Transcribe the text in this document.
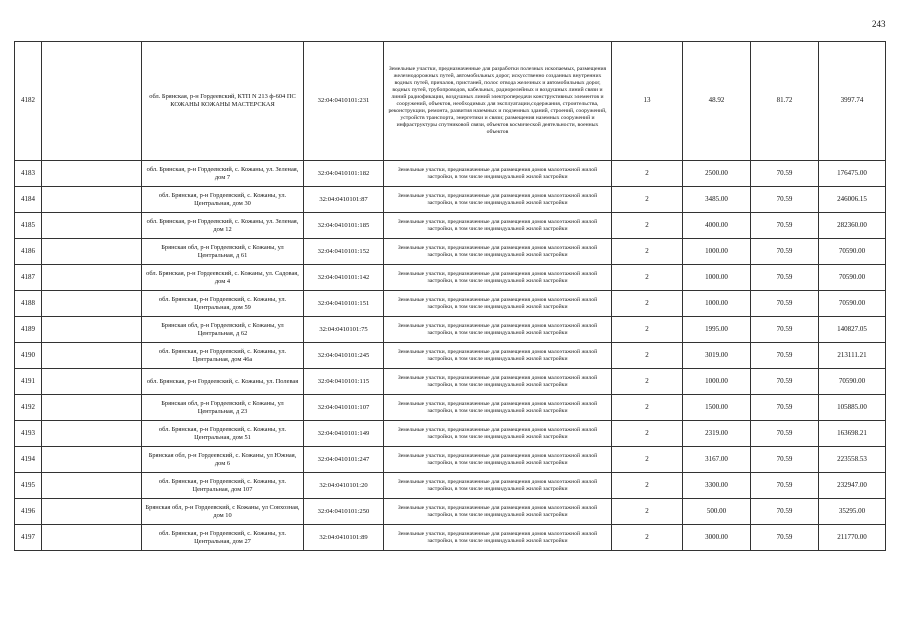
243
4182		обл. Брянская, р-н Гордеевский, КТП N 213 ф-604 ПС КОЖАНЫ КОЖАНЫ МАСТЕРСКАЯ	32:04:0410101:231	Земельные участки, предназначенные для разработки полезных ископаемых, размещения железнодорожных путей, автомобильных дорог, искусственно созданных внутренних водных путей, причалов, пристаней, полос отвода железных и автомобильных дорог, водных путей, трубопроводов, кабельных, радиорелейных и воздушных линий связи и линий радиофикации, воздушных линий электропередачи конструктивных элементов и сооружений, объектов, необходимых для эксплуатации,содержания, строительства, реконструкции, ремонта, развития наземных и подземных зданий, строений, сооружений, устройств транспорта, энергетики и связи; размещения наземных сооружений и инфраструктуры спутниковой связи, объектов космической деятельности, военных объектов	13	48.92	81.72	3997.74
4183		обл. Брянская, р-н Гордеевский, с. Кожаны, ул. Зеленая, дом 7	32:04:0410101:182	Земельные участки, предназначенные для размещения домов малоэтажной жилой застройки, в том числе индивидуальной жилой застройки	2	2500.00	70.59	176475.00
4184		обл. Брянская, р-н Гордеевский, с. Кожаны, ул. Центральная, дом 30	32:04:0410101:87	Земельные участки, предназначенные для размещения домов малоэтажной жилой застройки, в том числе индивидуальной жилой застройки	2	3485.00	70.59	246006.15
4185		обл. Брянская, р-н Гордеевский, с. Кожаны, ул. Зеленая, дом 12	32:04:0410101:185	Земельные участки, предназначенные для размещения домов малоэтажной жилой застройки, в том числе индивидуальной жилой застройки	2	4000.00	70.59	282360.00
4186		Брянская обл, р-н Гордеевский, с Кожаны, ул Центральная, д 61	32:04:0410101:152	Земельные участки, предназначенные для размещения домов малоэтажной жилой застройки, в том числе индивидуальной жилой застройки	2	1000.00	70.59	70590.00
4187		обл. Брянская, р-н Гордеевский, с. Кожаны, ул. Садовая, дом 4	32:04:0410101:142	Земельные участки, предназначенные для размещения домов малоэтажной жилой застройки, в том числе индивидуальной жилой застройки	2	1000.00	70.59	70590.00
4188		обл. Брянская, р-н Гордеевский, с. Кожаны, ул. Центральная, дом 59	32:04:0410101:151	Земельные участки, предназначенные для размещения домов малоэтажной жилой застройки, в том числе индивидуальной жилой застройки	2	1000.00	70.59	70590.00
4189		Брянская обл, р-н Гордеевский, с Кожаны, ул Центральная, д 62	32:04:0410101:75	Земельные участки, предназначенные для размещения домов малоэтажной жилой застройки, в том числе индивидуальной жилой застройки	2	1995.00	70.59	140827.05
4190		обл. Брянская, р-н Гордеевский, с. Кожаны, ул. Центральная, дом 46а	32:04:0410101:245	Земельные участки, предназначенные для размещения домов малоэтажной жилой застройки, в том числе индивидуальной жилой застройки	2	3019.00	70.59	213111.21
4191		обл. Брянская, р-н Гордеевский, с. Кожаны, ул. Полевая	32:04:0410101:115	Земельные участки, предназначенные для размещения домов малоэтажной жилой застройки, в том числе индивидуальной жилой застройки	2	1000.00	70.59	70590.00
4192		Брянская обл, р-н Гордеевский, с Кожаны, ул Центральная, д 23	32:04:0410101:107	Земельные участки, предназначенные для размещения домов малоэтажной жилой застройки, в том числе индивидуальной жилой застройки	2	1500.00	70.59	105885.00
4193		обл. Брянская, р-н Гордеевский, с. Кожаны, ул. Центральная, дом 51	32:04:0410101:149	Земельные участки, предназначенные для размещения домов малоэтажной жилой застройки, в том числе индивидуальной жилой застройки	2	2319.00	70.59	163698.21
4194		Брянская обл, р-н Гордеевский, с. Кожаны, ул Южная, дом 6	32:04:0410101:247	Земельные участки, предназначенные для размещения домов малоэтажной жилой застройки, в том числе индивидуальной жилой застройки	2	3167.00	70.59	223558.53
4195		обл. Брянская, р-н Гордеевский, с. Кожаны, ул. Центральная, дом 107	32:04:0410101:20	Земельные участки, предназначенные для размещения домов малоэтажной жилой застройки, в том числе индивидуальной жилой застройки	2	3300.00	70.59	232947.00
4196		Брянская обл, р-н Гордеевский, с Кожаны, ул Совхозная, дом 10	32:04:0410101:250	Земельные участки, предназначенные для размещения домов малоэтажной жилой застройки, в том числе индивидуальной жилой застройки	2	500.00	70.59	35295.00
4197		обл. Брянская, р-н Гордеевский, с. Кожаны, ул. Центральная, дом 27	32:04:0410101:89	Земельные участки, предназначенные для размещения домов малоэтажной жилой застройки, в том числе индивидуальной жилой застройки	2	3000.00	70.59	211770.00
